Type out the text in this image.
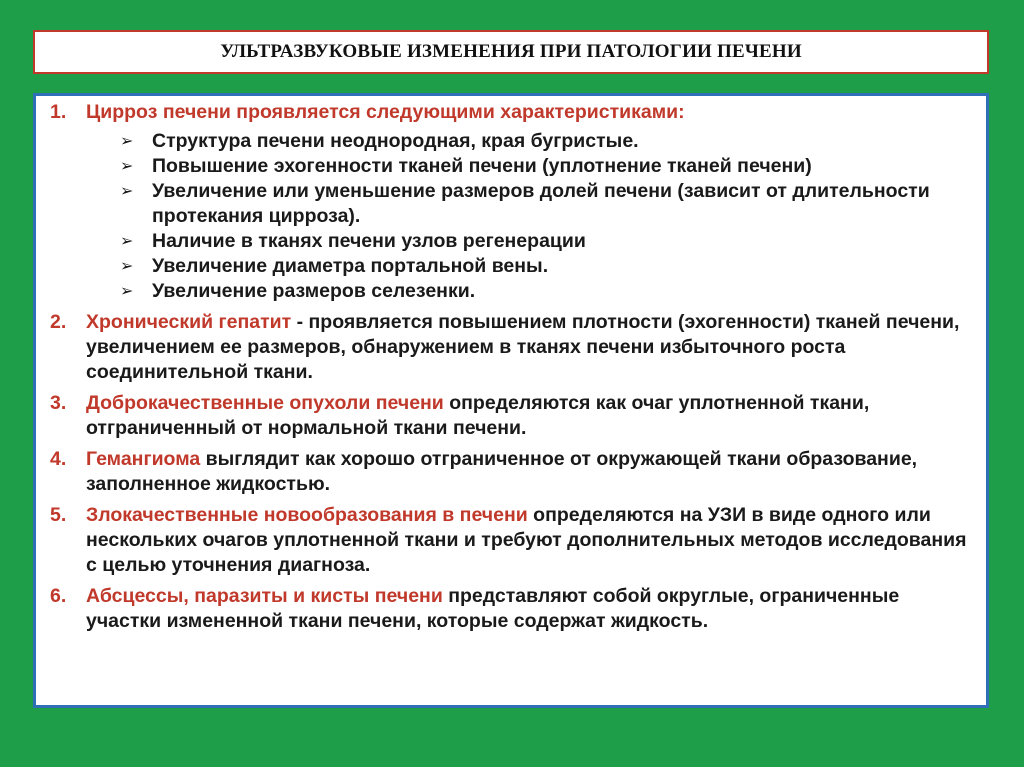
УЛЬТРАЗВУКОВЫЕ ИЗМЕНЕНИЯ ПРИ ПАТОЛОГИИ ПЕЧЕНИ
1.	Цирроз печени проявляется следующими характеристиками:
➢ Структура печени неоднородная, края бугристые.
➢ Повышение эхогенности тканей печени (уплотнение тканей печени)
➢ Увеличение или уменьшение размеров долей печени (зависит от длительности протекания цирроза).
➢ Наличие в тканях печени узлов регенерации
➢ Увеличение диаметра портальной вены.
➢ Увеличение размеров селезенки.
2.	Хронический гепатит - проявляется повышением плотности (эхогенности) тканей печени, увеличением ее размеров, обнаружением в тканях печени избыточного роста соединительной ткани.
3.	Доброкачественные опухоли печени определяются как очаг уплотненной ткани, отграниченный от нормальной ткани печени.
4.	Гемангиома выглядит как хорошо отграниченное от окружающей ткани образование, заполненное жидкостью.
5.	Злокачественные новообразования в печени определяются на УЗИ в виде одного или нескольких очагов уплотненной ткани и требуют дополнительных методов исследования с целью уточнения диагноза.
6.	Абсцессы, паразиты и кисты печени представляют собой округлые, ограниченные участки измененной ткани печени, которые содержат жидкость.
